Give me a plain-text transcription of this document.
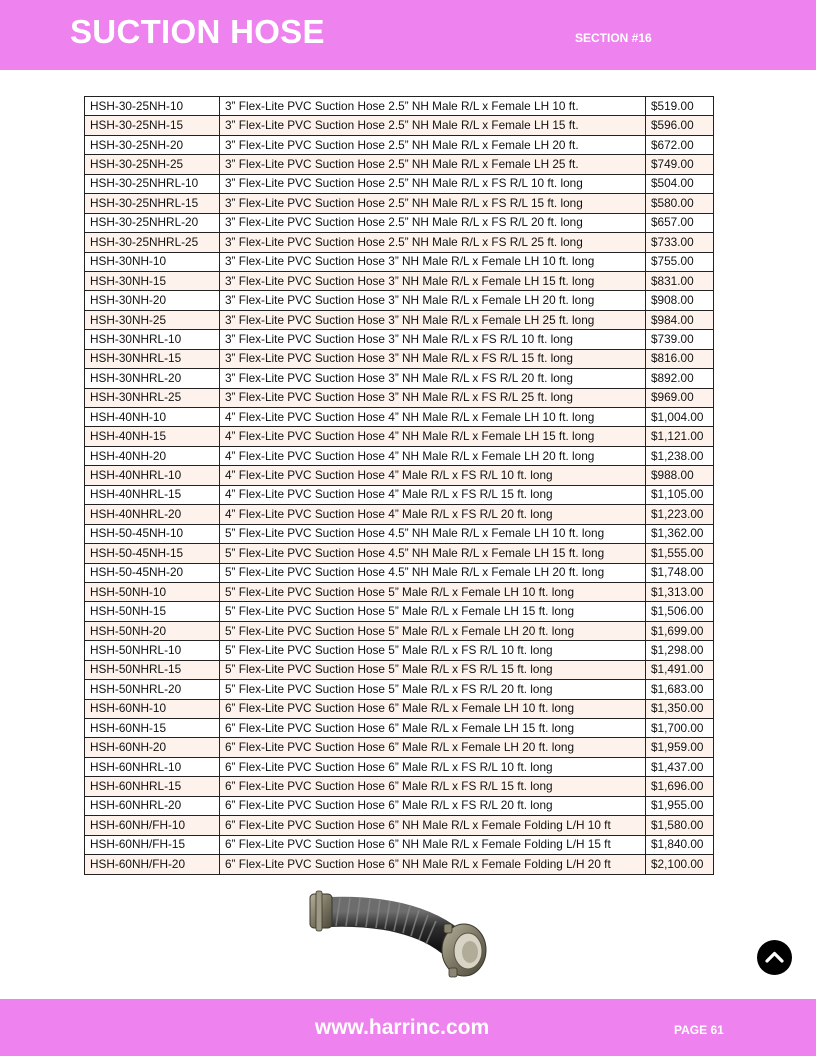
SUCTION HOSE	SECTION #16
HSH-30-25NH-10	3” Flex-Lite PVC Suction Hose 2.5” NH Male R/L x Female LH 10 ft.	$519.00
HSH-30-25NH-15	3” Flex-Lite PVC Suction Hose 2.5” NH Male R/L x Female LH 15 ft.	$596.00
HSH-30-25NH-20	3” Flex-Lite PVC Suction Hose 2.5” NH Male R/L x Female LH 20 ft.	$672.00
HSH-30-25NH-25	3” Flex-Lite PVC Suction Hose 2.5” NH Male R/L x Female LH 25 ft.	$749.00
HSH-30-25NHRL-10	3” Flex-Lite PVC Suction Hose 2.5” NH Male R/L x FS R/L 10 ft. long	$504.00
HSH-30-25NHRL-15	3” Flex-Lite PVC Suction Hose 2.5” NH Male R/L x FS R/L 15 ft. long	$580.00
HSH-30-25NHRL-20	3” Flex-Lite PVC Suction Hose 2.5” NH Male R/L x FS R/L 20 ft. long	$657.00
HSH-30-25NHRL-25	3” Flex-Lite PVC Suction Hose 2.5” NH Male R/L x FS R/L 25 ft. long	$733.00
HSH-30NH-10	3” Flex-Lite PVC Suction Hose 3” NH Male R/L x Female LH 10 ft. long	$755.00
HSH-30NH-15	3” Flex-Lite PVC Suction Hose 3” NH Male R/L x Female LH 15 ft. long	$831.00
HSH-30NH-20	3” Flex-Lite PVC Suction Hose 3” NH Male R/L x Female LH 20 ft. long	$908.00
HSH-30NH-25	3” Flex-Lite PVC Suction Hose 3” NH Male R/L x Female LH 25 ft. long	$984.00
HSH-30NHRL-10	3” Flex-Lite PVC Suction Hose 3” NH Male R/L x FS R/L 10 ft. long	$739.00
HSH-30NHRL-15	3” Flex-Lite PVC Suction Hose 3” NH Male R/L x FS R/L 15 ft. long	$816.00
HSH-30NHRL-20	3” Flex-Lite PVC Suction Hose 3” NH Male R/L x FS R/L 20 ft. long	$892.00
HSH-30NHRL-25	3” Flex-Lite PVC Suction Hose 3” NH Male R/L x FS R/L 25 ft. long	$969.00
HSH-40NH-10	4” Flex-Lite PVC Suction Hose 4” NH Male R/L x Female LH 10 ft. long	$1,004.00
HSH-40NH-15	4” Flex-Lite PVC Suction Hose 4” NH Male R/L x Female LH 15 ft. long	$1,121.00
HSH-40NH-20	4” Flex-Lite PVC Suction Hose 4” NH Male R/L x Female LH 20 ft. long	$1,238.00
HSH-40NHRL-10	4” Flex-Lite PVC Suction Hose 4” Male R/L x FS R/L 10 ft. long	$988.00
HSH-40NHRL-15	4” Flex-Lite PVC Suction Hose 4” Male R/L x FS R/L 15 ft. long	$1,105.00
HSH-40NHRL-20	4” Flex-Lite PVC Suction Hose 4” Male R/L x FS R/L 20 ft. long	$1,223.00
HSH-50-45NH-10	5” Flex-Lite PVC Suction Hose 4.5” NH Male R/L x Female LH 10 ft. long	$1,362.00
HSH-50-45NH-15	5” Flex-Lite PVC Suction Hose 4.5” NH Male R/L x Female LH 15 ft. long	$1,555.00
HSH-50-45NH-20	5” Flex-Lite PVC Suction Hose 4.5” NH Male R/L x Female LH 20 ft. long	$1,748.00
HSH-50NH-10	5” Flex-Lite PVC Suction Hose 5” Male R/L x Female LH 10 ft. long	$1,313.00
HSH-50NH-15	5” Flex-Lite PVC Suction Hose 5” Male R/L x Female LH 15 ft. long	$1,506.00
HSH-50NH-20	5” Flex-Lite PVC Suction Hose 5” Male R/L x Female LH 20 ft. long	$1,699.00
HSH-50NHRL-10	5” Flex-Lite PVC Suction Hose 5” Male R/L x FS R/L 10 ft. long	$1,298.00
HSH-50NHRL-15	5” Flex-Lite PVC Suction Hose 5” Male R/L x FS R/L 15 ft. long	$1,491.00
HSH-50NHRL-20	5” Flex-Lite PVC Suction Hose 5” Male R/L x FS R/L 20 ft. long	$1,683.00
HSH-60NH-10	6” Flex-Lite PVC Suction Hose 6” Male R/L x Female LH 10 ft. long	$1,350.00
HSH-60NH-15	6” Flex-Lite PVC Suction Hose 6” Male R/L x Female LH 15 ft. long	$1,700.00
HSH-60NH-20	6” Flex-Lite PVC Suction Hose 6” Male R/L x Female LH 20 ft. long	$1,959.00
HSH-60NHRL-10	6” Flex-Lite PVC Suction Hose 6” Male R/L x FS R/L 10 ft. long	$1,437.00
HSH-60NHRL-15	6” Flex-Lite PVC Suction Hose 6” Male R/L x FS R/L 15 ft. long	$1,696.00
HSH-60NHRL-20	6” Flex-Lite PVC Suction Hose 6” Male R/L x FS R/L 20 ft. long	$1,955.00
HSH-60NH/FH-10	6” Flex-Lite PVC Suction Hose 6” NH Male R/L x Female Folding L/H 10 ft	$1,580.00
HSH-60NH/FH-15	6” Flex-Lite PVC Suction Hose 6” NH Male R/L x Female Folding L/H 15 ft	$1,840.00
HSH-60NH/FH-20	6” Flex-Lite PVC Suction Hose 6” NH Male R/L x Female Folding L/H 20 ft	$2,100.00
www.harrinc.com	PAGE 61
